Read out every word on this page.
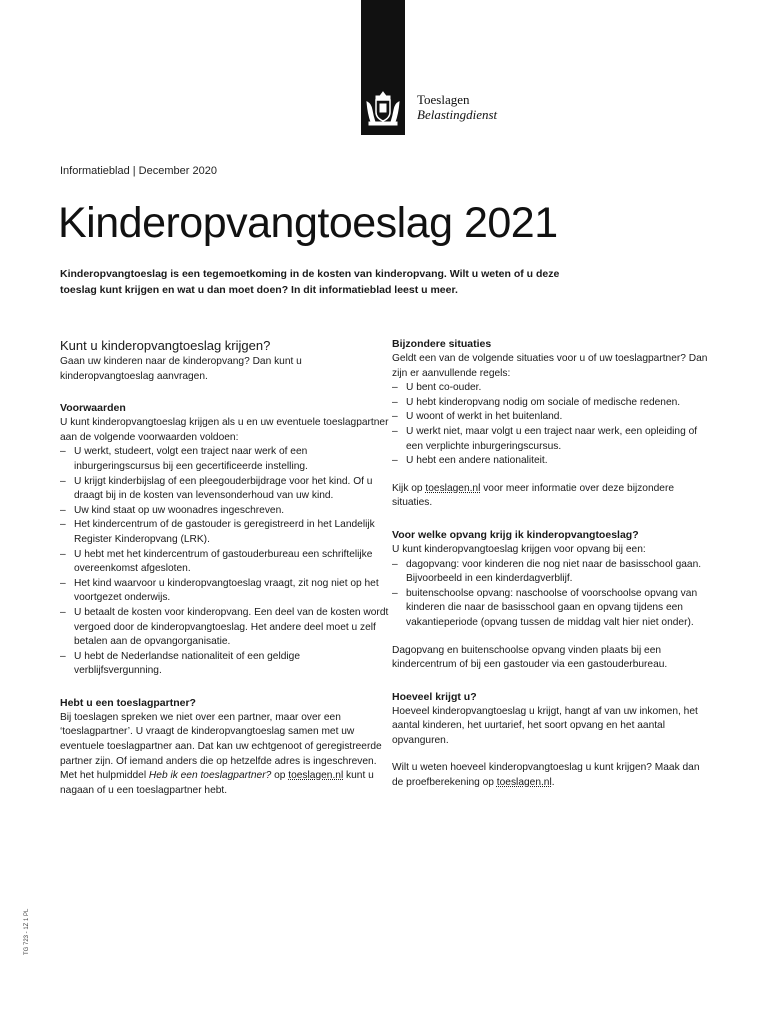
Toeslagen
Belastingdienst
Informatieblad | December 2020
Kinderopvangtoeslag 2021

Kinderopvangtoeslag is een tegemoetkoming in de kosten van kinderopvang. Wilt u weten of u deze toeslag kunt krijgen en wat u dan moet doen? In dit informatieblad leest u meer.

Kunt u kinderopvangtoeslag krijgen?

Gaan uw kinderen naar de kinderopvang? Dan kunt u kinderopvangtoeslag aanvragen.

Voorwaarden

U kunt kinderopvangtoeslag krijgen als u en uw eventuele toeslagpartner aan de volgende voorwaarden voldoen:

– U werkt, studeert, volgt een traject naar werk of een inburgeringscursus bij een gecertificeerde instelling.
– U krijgt kinderbijslag of een pleegouderbijdrage voor het kind. Of u draagt bij in de kosten van levensonderhoud van uw kind.
– Uw kind staat op uw woonadres ingeschreven.
– Het kindercentrum of de gastouder is geregistreerd in het Landelijk Register Kinderopvang (LRK).
– U hebt met het kindercentrum of gastouderbureau een schriftelijke overeenkomst afgesloten.
– Het kind waarvoor u kinderopvangtoeslag vraagt, zit nog niet op het voortgezet onderwijs.
– U betaalt de kosten voor kinderopvang. Een deel van de kosten wordt vergoed door de kinderopvangtoeslag. Het andere deel moet u zelf betalen aan de opvangorganisatie.
– U hebt de Nederlandse nationaliteit of een geldige verblijfsvergunning.
Hebt u een toeslagpartner?

Bij toeslagen spreken we niet over een partner, maar over een ‘toeslagpartner’. U vraagt de kinderopvangtoeslag samen met uw eventuele toeslagpartner aan. Dat kan uw echtgenoot of geregistreerde partner zijn. Of iemand anders die op hetzelfde adres is ingeschreven. Met het hulpmiddel Heb ik een toeslagpartner? op toeslagen.nl kunt u nagaan of u een toeslagpartner hebt.

Bijzondere situaties

Geldt een van de volgende situaties voor u of uw toeslagpartner? Dan zijn er aanvullende regels:

– U bent co-ouder.
– U hebt kinderopvang nodig om sociale of medische redenen.
– U woont of werkt in het buitenland.
– U werkt niet, maar volgt u een traject naar werk, een opleiding of een verplichte inburgeringscursus.
– U hebt een andere nationaliteit.

Kijk op toeslagen.nl voor meer informatie over deze bijzondere situaties.

Voor welke opvang krijg ik kinderopvangtoeslag?

U kunt kinderopvangtoeslag krijgen voor opvang bij een:

– dagopvang: voor kinderen die nog niet naar de basisschool gaan. Bijvoorbeeld in een kinderdagverblijf.
– buitenschoolse opvang: naschoolse of voorschoolse opvang van kinderen die naar de basisschool gaan en opvang tijdens een vakantieperiode (opvang tussen de middag valt hier niet onder).

Dagopvang en buitenschoolse opvang vinden plaats bij een kindercentrum of bij een gastouder via een gastouderbureau.

Hoeveel krijgt u?

Hoeveel kinderopvangtoeslag u krijgt, hangt af van uw inkomen, het aantal kinderen, het uurtarief, het soort opvang en het aantal opvanguren.

Wilt u weten hoeveel kinderopvangtoeslag u kunt krijgen? Maak dan de proefberekening op toeslagen.nl.

TG 723 - 1Z 1 PL
